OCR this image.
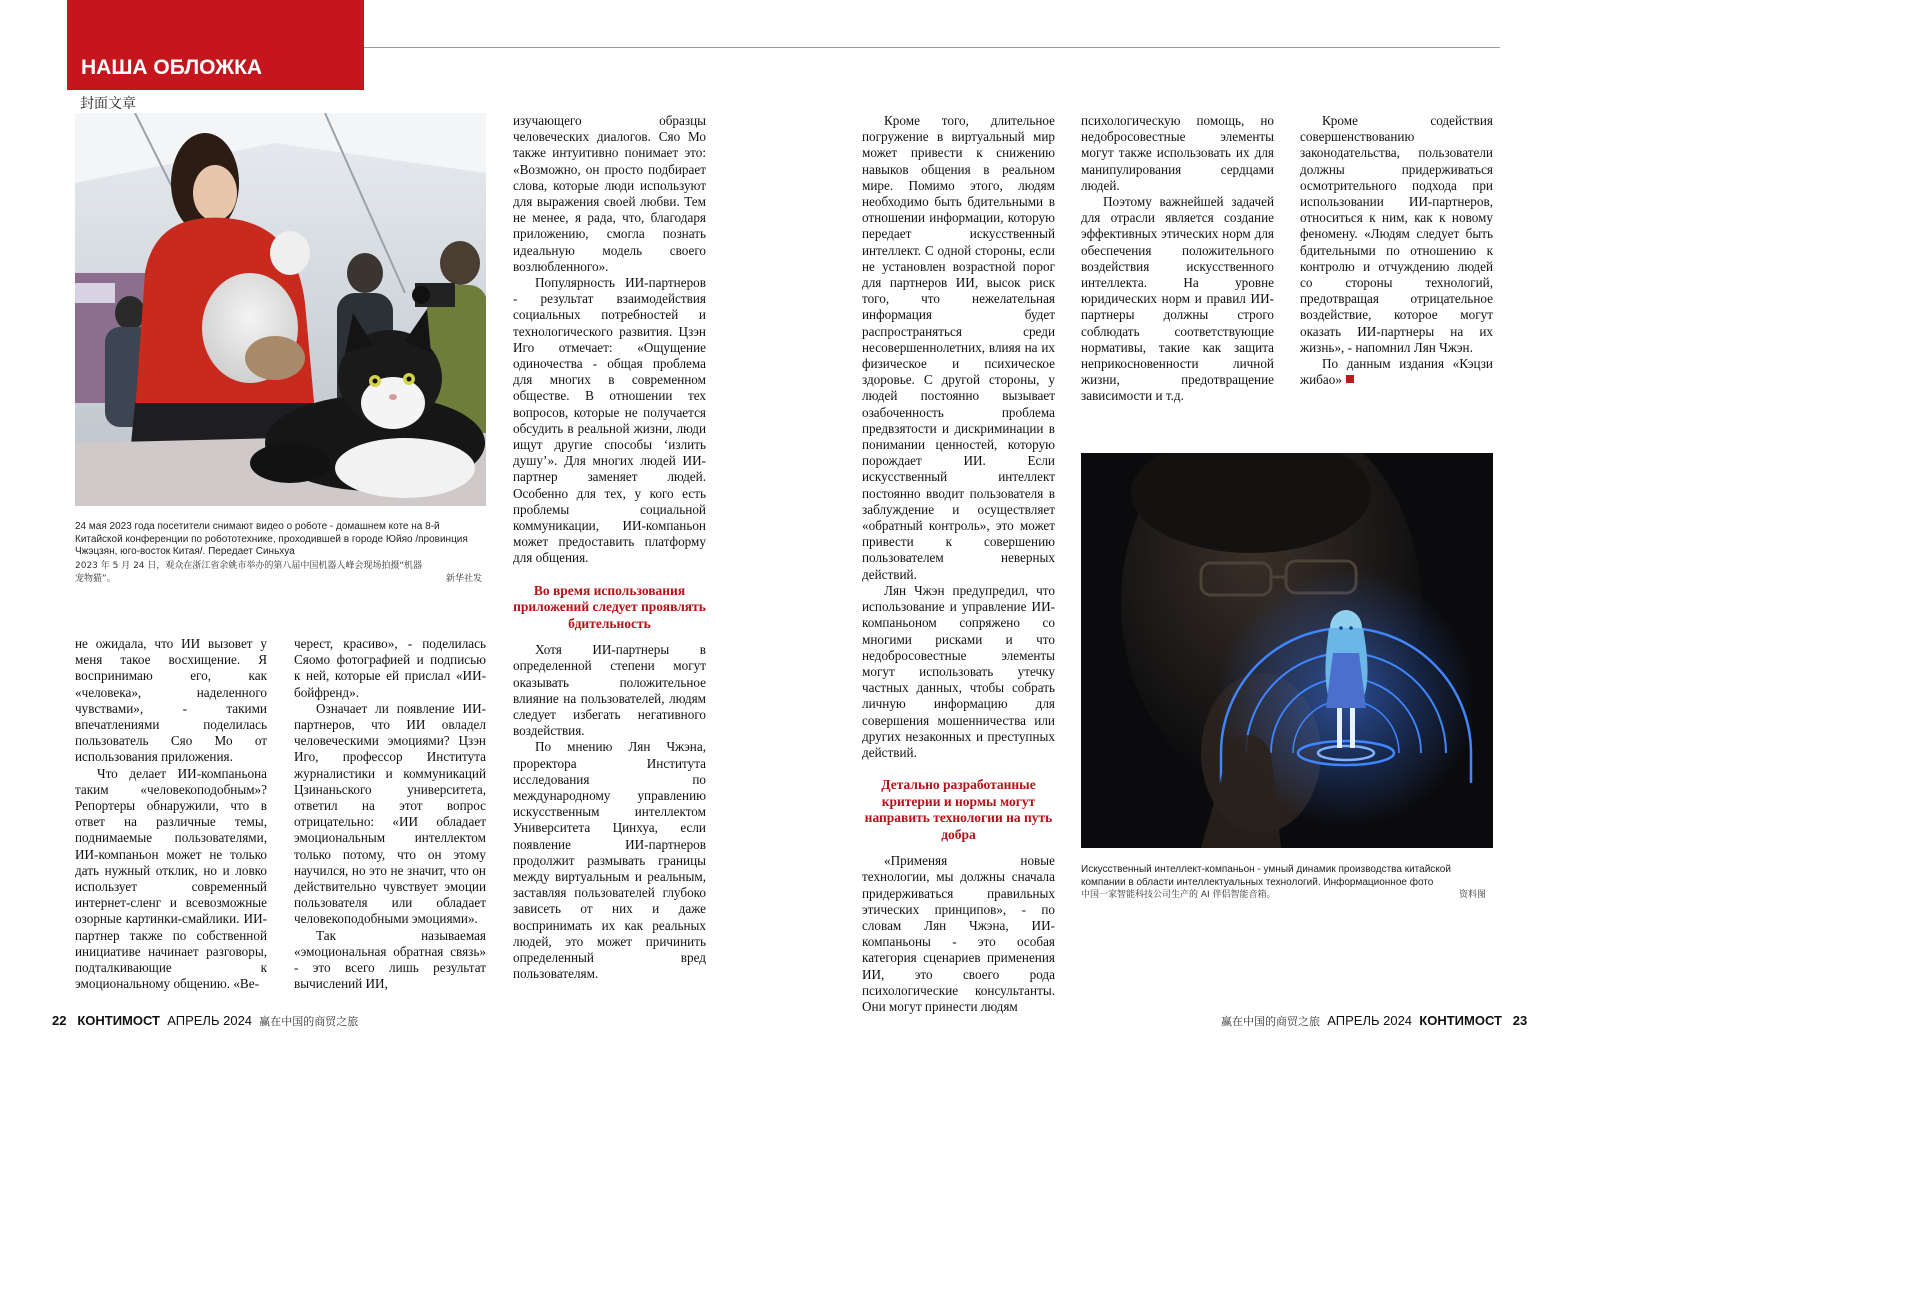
НАША ОБЛОЖКА
封面文章
24 мая 2023 года посетители снимают видео о роботе - домашнем коте на 8-й Китайской конференции по робототехнике, проходившей в городе Юйяо /провинция Чжэцзян, юго-восток Китая/. Передает Синьхуа
2023 年 5 月 24 日，观众在浙江省余姚市举办的第八届中国机器人峰会现场拍摄“机器宠物猫”。	新华社发

не ожидала, что ИИ вызовет у меня такое восхищение. Я воспринимаю его, как «человека», наделенного чувствами», - такими впечатлениями поделилась пользователь Сяо Мо от использования приложения.

Что делает ИИ-компаньона таким «человекоподобным»? Репортеры обнаружили, что в ответ на различные темы, поднимаемые пользователями, ИИ-компаньон может не только дать нужный отклик, но и ловко использует современный интернет-сленг и всевозможные озорные картинки-смайлики. ИИ-партнер также по собственной инициативе начинает разговоры, подталкивающие к эмоциональному общению. «Ве-

черест, красиво», - поделилась Сяомо фотографией и подписью к ней, которые ей прислал «ИИ-бойфренд».

Означает ли появление ИИ-партнеров, что ИИ овладел человеческими эмоциями? Цзэн Иго, профессор Института журналистики и коммуникаций Цзинаньского университета, ответил на этот вопрос отрицательно: «ИИ обладает эмоциональным интеллектом только потому, что он этому научился, но это не значит, что он действительно чувствует эмоции пользователя или обладает человекоподобными эмоциями».

Так называемая «эмоциональная обратная связь» - это всего лишь результат вычислений ИИ,

изучающего образцы человеческих диалогов. Сяо Мо также интуитивно понимает это: «Возможно, он просто подбирает слова, которые люди используют для выражения своей любви. Тем не менее, я рада, что, благодаря приложению, смогла познать идеальную модель своего возлюбленного».

Популярность ИИ-партнеров - результат взаимодействия социальных потребностей и технологического развития. Цзэн Иго отмечает: «Ощущение одиночества - общая проблема для многих в современном обществе. В отношении тех вопросов, которые не получается обсудить в реальной жизни, люди ищут другие способы ‘излить душу’». Для многих людей ИИ-партнер заменяет людей. Особенно для тех, у кого есть проблемы социальной коммуникации, ИИ-компаньон может предоставить платформу для общения.

Во время использования приложений следует проявлять бдительность

Хотя ИИ-партнеры в определенной степени могут оказывать положительное влияние на пользователей, людям следует избегать негативного воздействия.

По мнению Лян Чжэна, проректора Института исследования по международному управлению искусственным интеллектом Университета Цинхуа, если появление ИИ-партнеров продолжит размывать границы между виртуальным и реальным, заставляя пользователей глубоко зависеть от них и даже воспринимать их как реальных людей, это может причинить определенный вред пользователям.

Кроме того, длительное погружение в виртуальный мир может привести к снижению навыков общения в реальном мире. Помимо этого, людям необходимо быть бдительными в отношении информации, которую передает искусственный интеллект. С одной стороны, если не установлен возрастной порог для партнеров ИИ, высок риск того, что нежелательная информация будет распространяться среди несовершеннолетних, влияя на их физическое и психическое здоровье. С другой стороны, у людей постоянно вызывает озабоченность проблема предвзятости и дискриминации в понимании ценностей, которую порождает ИИ. Если искусственный интеллект постоянно вводит пользователя в заблуждение и осуществляет «обратный контроль», это может привести к совершению пользователем неверных действий.

Лян Чжэн предупредил, что использование и управление ИИ-компаньоном сопряжено со многими рисками и что недобросовестные элементы могут использовать утечку частных данных, чтобы собрать личную информацию для совершения мошенничества или других незаконных и преступных действий.

Детально разработанные критерии и нормы могут направить технологии на путь добра

«Применяя новые технологии, мы должны сначала придерживаться правильных этических принципов», - по словам Лян Чжэна, ИИ-компаньоны - это особая категория сценариев применения ИИ, это своего рода психологические консультанты. Они могут принести людям

психологическую помощь, но недобросовестные элементы могут также использовать их для манипулирования сердцами людей.

Поэтому важнейшей задачей для отрасли является создание эффективных этических норм для обеспечения положительного воздействия искусственного интеллекта. На уровне юридических норм и правил ИИ-партнеры должны строго соблюдать соответствующие нормативы, такие как защита неприкосновенности личной жизни, предотвращение зависимости и т.д.

Кроме содействия совершенствованию законодательства, пользователи должны придерживаться осмотрительного подхода при использовании ИИ-партнеров, относиться к ним, как к новому феномену. «Людям следует быть бдительными по отношению к контролю и отчуждению людей со стороны технологий, предотвращая отрицательное воздействие, которое могут оказать ИИ-партнеры на их жизнь», - напомнил Лян Чжэн.

По данным издания «Кэцзи жибао»

Искусственный интеллект-компаньон - умный динамик производства китайской компании в области интеллектуальных технологий. Информационное фото
中国一家智能科技公司生产的 AI 伴侣智能音箱。	资料图
22 КОНТИМОСТ АПРЕЛЬ 2024 赢在中国的商贸之旅	赢在中国的商贸之旅 АПРЕЛЬ 2024 КОНТИМОСТ 23
